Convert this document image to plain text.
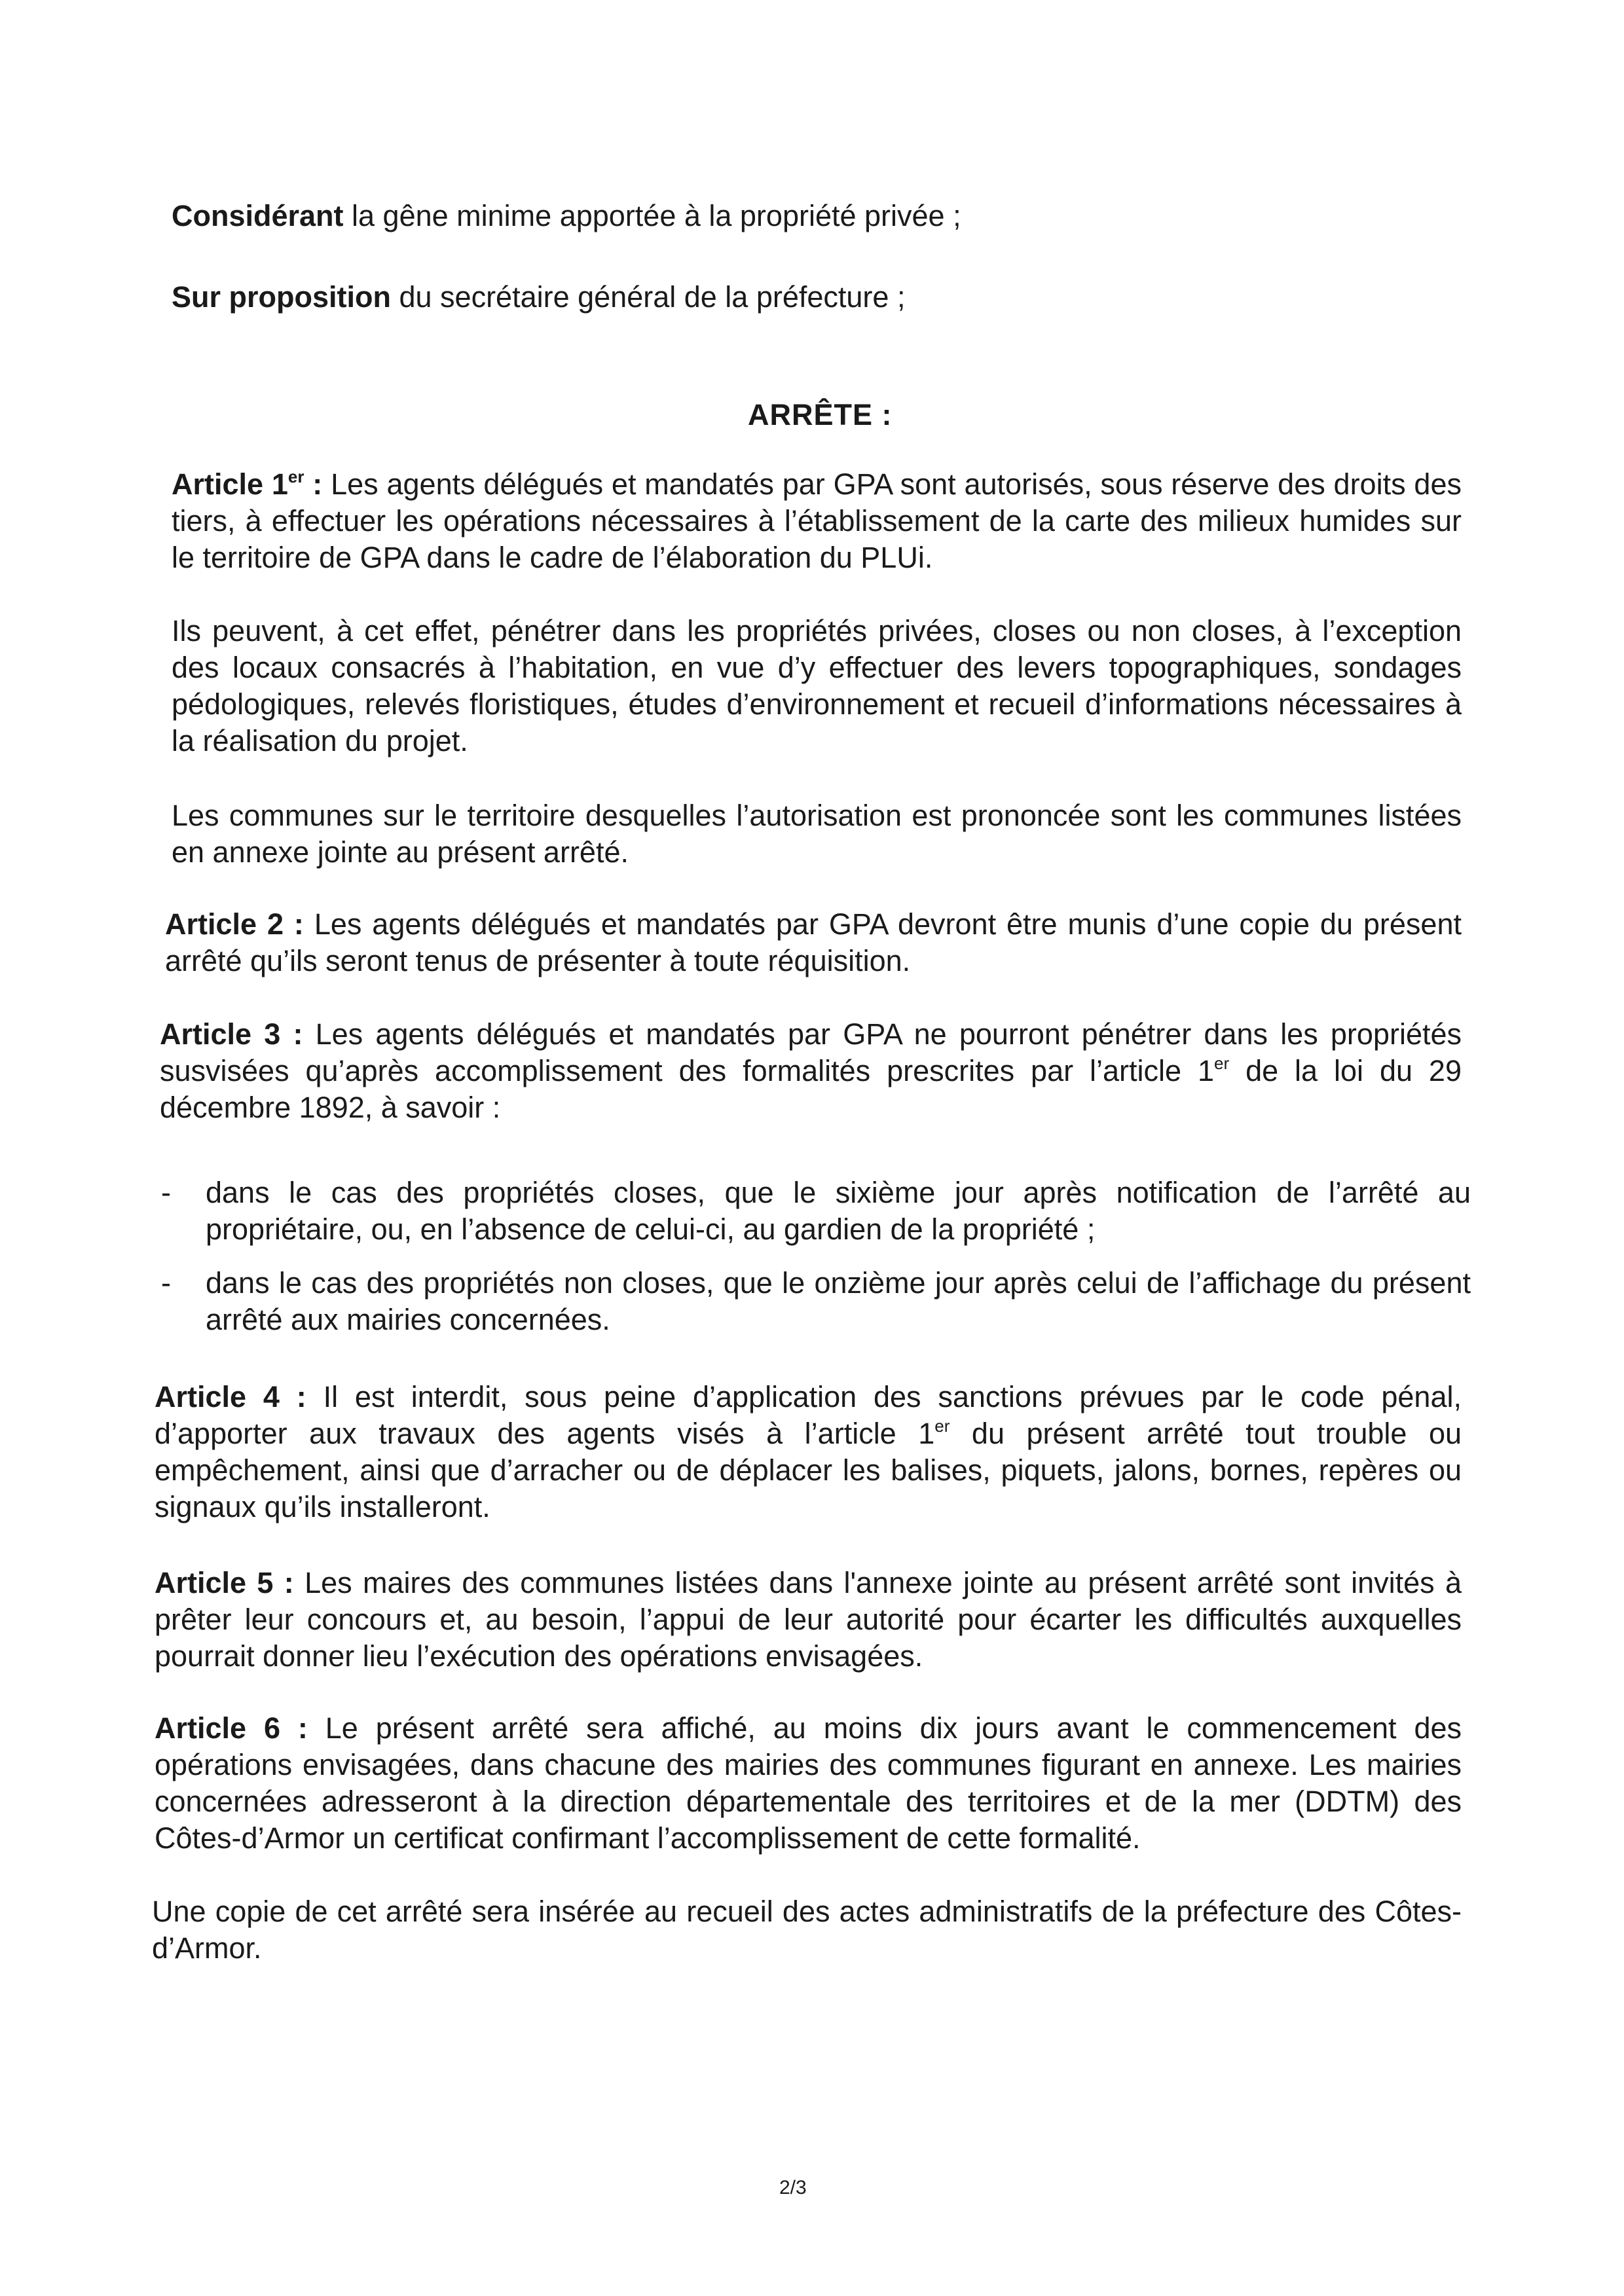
Considérant la gêne minime apportée à la propriété privée ;

Sur proposition du secrétaire général de la préfecture ;

ARRÊTE :

Article 1er : Les agents délégués et mandatés par GPA sont autorisés, sous réserve des droits des tiers, à effectuer les opérations nécessaires à l’établissement de la carte des milieux humides sur le territoire de GPA dans le cadre de l’élaboration du PLUi.

Ils peuvent, à cet effet, pénétrer dans les propriétés privées, closes ou non closes, à l’exception des locaux consacrés à l’habitation, en vue d’y effectuer des levers topographiques, sondages pédologiques, relevés floristiques, études d’environnement et recueil d’informations nécessaires à la réalisation du projet.

Les communes sur le territoire desquelles l’autorisation est prononcée sont les communes listées en annexe jointe au présent arrêté.

Article 2 : Les agents délégués et mandatés par GPA devront être munis d’une copie du présent arrêté qu’ils seront tenus de présenter à toute réquisition.

Article 3 : Les agents délégués et mandatés par GPA ne pourront pénétrer dans les propriétés susvisées qu’après accomplissement des formalités prescrites par l’article 1er de la loi du 29 décembre 1892, à savoir :

- dans le cas des propriétés closes, que le sixième jour après notification de l’arrêté au propriétaire, ou, en l’absence de celui-ci, au gardien de la propriété ;
- dans le cas des propriétés non closes, que le onzième jour après celui de l’affichage du présent arrêté aux mairies concernées.

Article 4 : Il est interdit, sous peine d’application des sanctions prévues par le code pénal, d’apporter aux travaux des agents visés à l’article 1er du présent arrêté tout trouble ou empêchement, ainsi que d’arracher ou de déplacer les balises, piquets, jalons, bornes, repères ou signaux qu’ils installeront.

Article 5 : Les maires des communes listées dans l'annexe jointe au présent arrêté sont invités à prêter leur concours et, au besoin, l’appui de leur autorité pour écarter les difficultés auxquelles pourrait donner lieu l’exécution des opérations envisagées.

Article 6 : Le présent arrêté sera affiché, au moins dix jours avant le commencement des opérations envisagées, dans chacune des mairies des communes figurant en annexe. Les mairies concernées adresseront à la direction départementale des territoires et de la mer (DDTM) des Côtes-d’Armor un certificat confirmant l’accomplissement de cette formalité.

Une copie de cet arrêté sera insérée au recueil des actes administratifs de la préfecture des Côtes-d’Armor.

2/3
